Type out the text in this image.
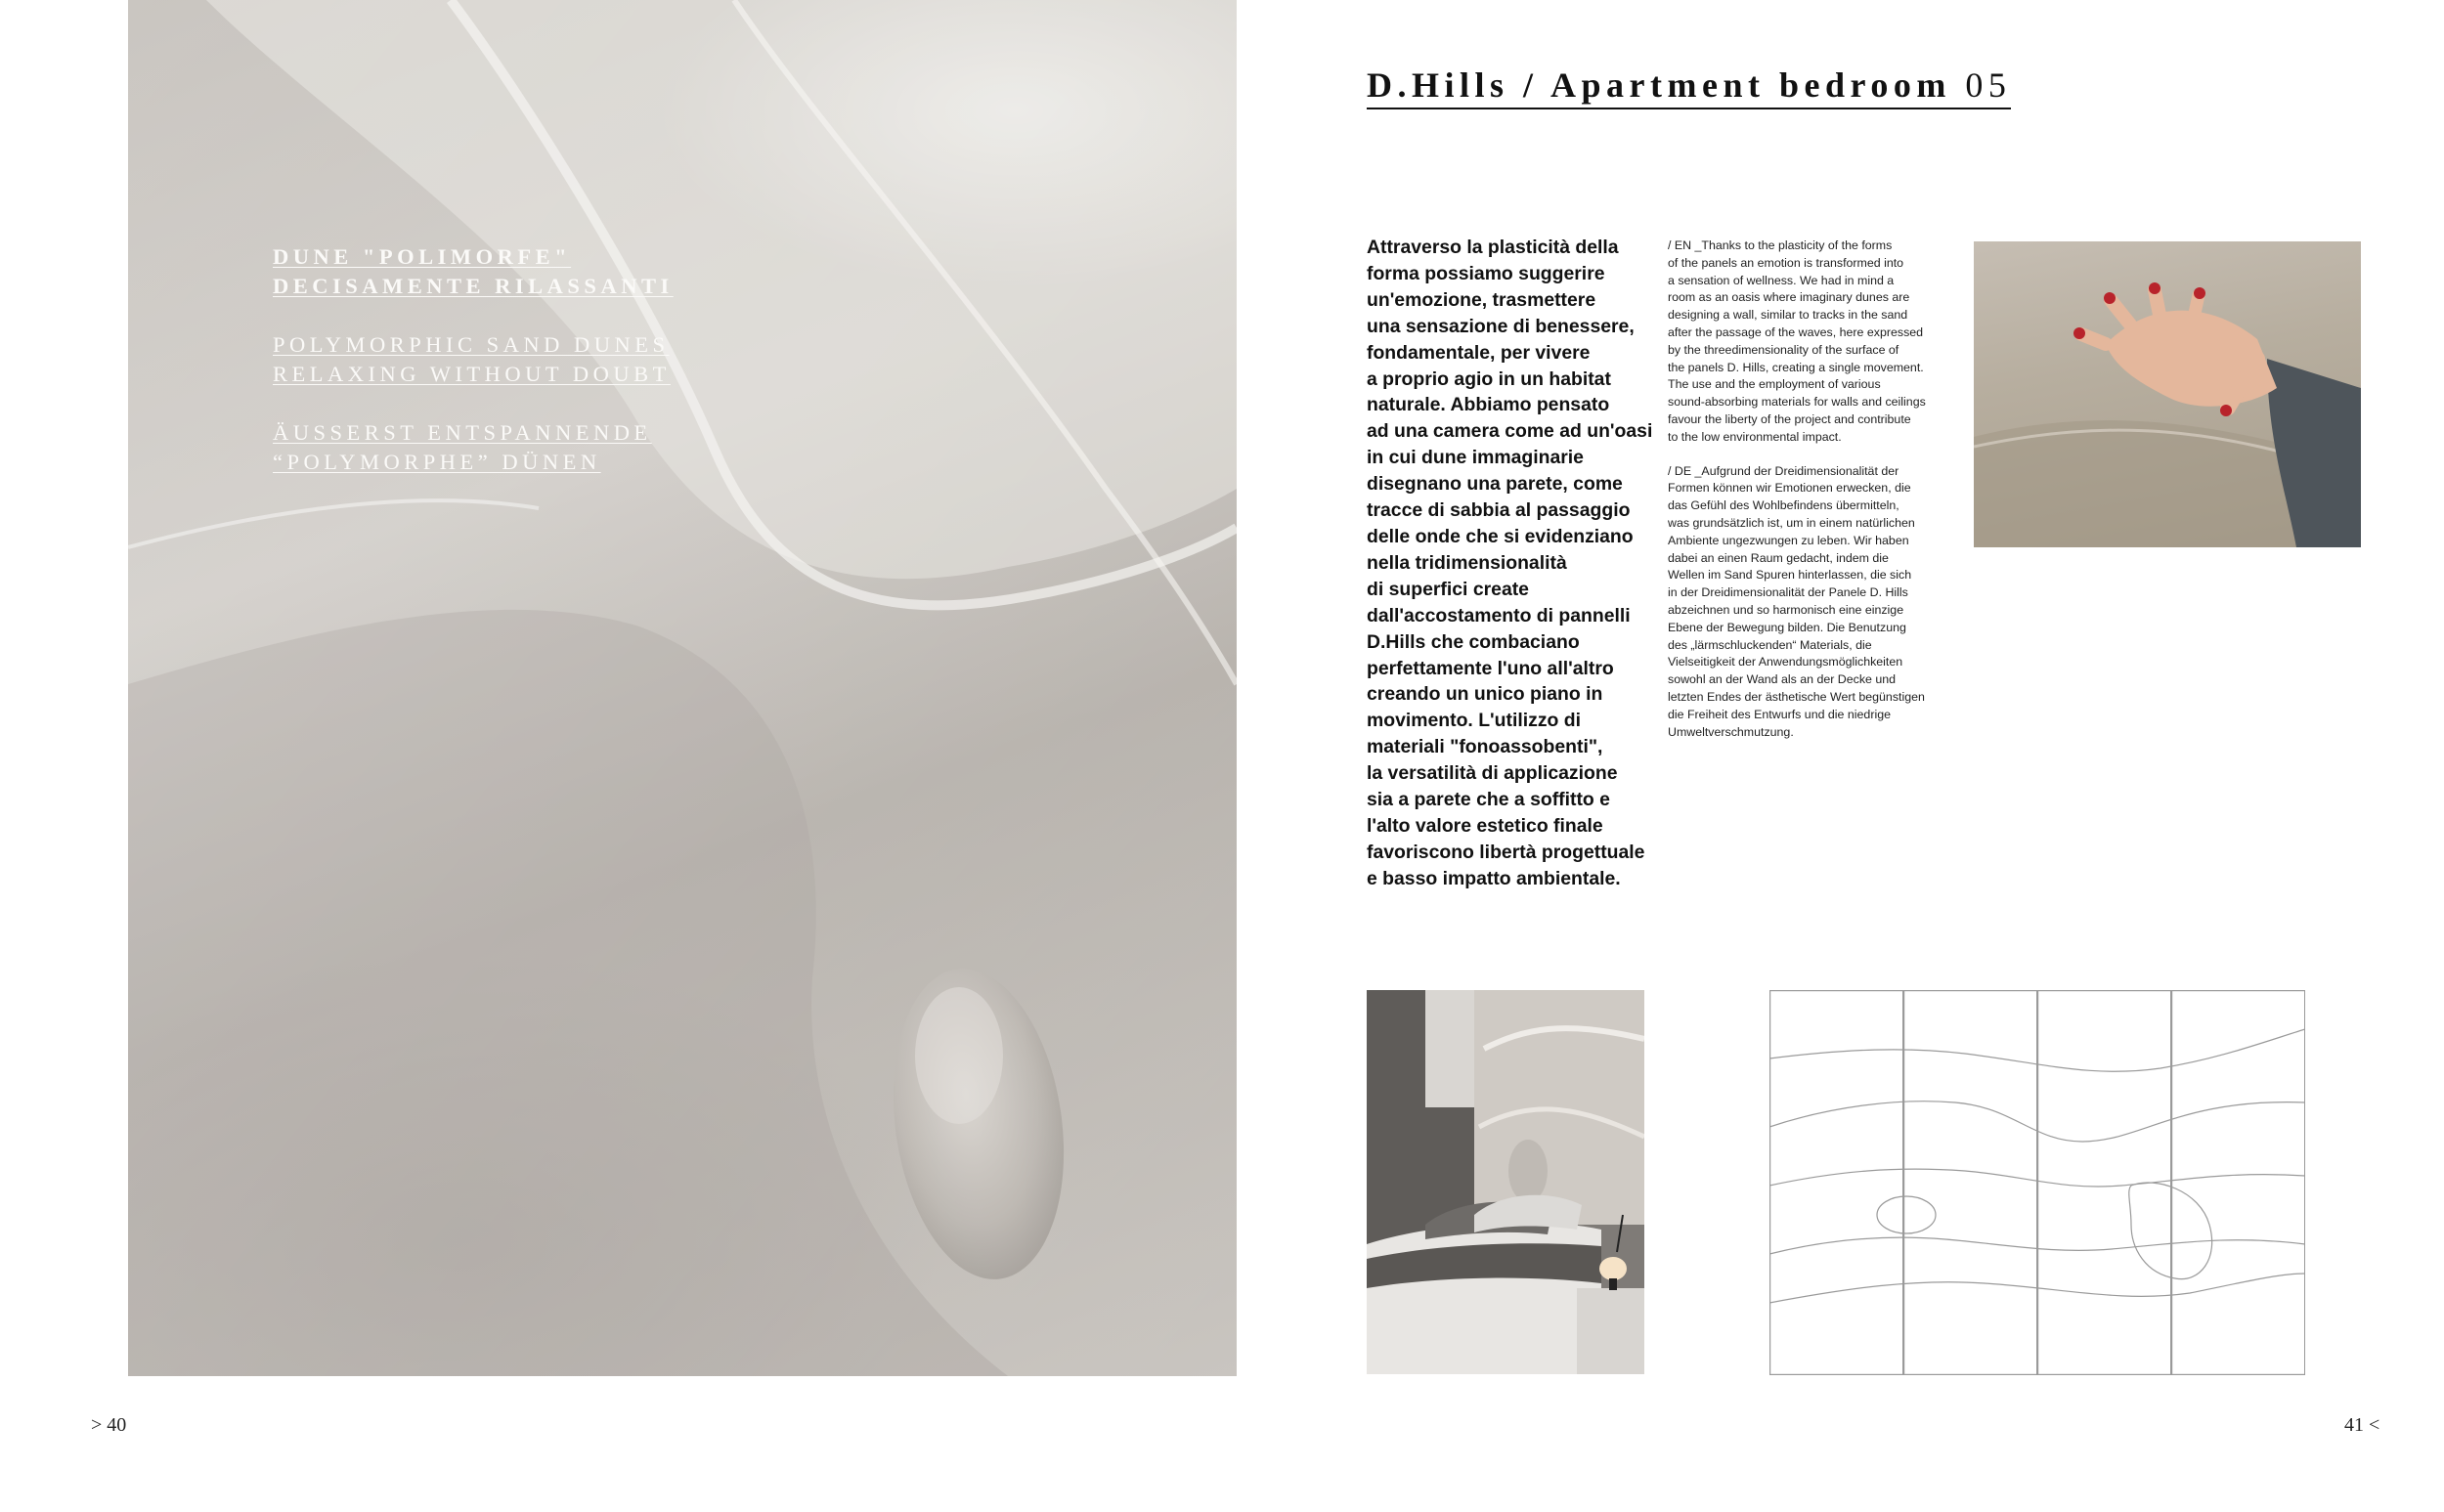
DUNE "POLIMORFE"
DECISAMENTE RILASSANTI
POLYMORPHIC SAND DUNES
RELAXING WITHOUT DOUBT
ÄUSSERST ENTSPANNENDE
“POLYMORPHE” DÜNEN
D.Hills / Apartment bedroom 05
Attraverso la plasticità della
forma possiamo suggerire
un'emozione, trasmettere
una sensazione di benessere,
fondamentale, per vivere
a proprio agio in un habitat
naturale. Abbiamo pensato
ad una camera come ad un'oasi
in cui dune immaginarie
disegnano una parete, come
tracce di sabbia al passaggio
delle onde che si evidenziano
nella tridimensionalità
di superfici create
dall'accostamento di pannelli
D.Hills che combaciano
perfettamente l'uno all'altro
creando un unico piano in
movimento. L'utilizzo di
materiali "fonoassobenti",
la versatilità di applicazione
sia a parete che a soffitto e
l'alto valore estetico finale
favoriscono libertà progettuale
e basso impatto ambientale.
/ EN _Thanks to the plasticity of the forms
of the panels an emotion is transformed into
a sensation of wellness. We had in mind a
room as an oasis where imaginary dunes are
designing a wall, similar to tracks in the sand
after the passage of the waves, here expressed
by the threedimensionality of the surface of
the panels D. Hills, creating a single movement.
The use and the employment of various
sound-absorbing materials for walls and ceilings
favour the liberty of the project and contribute
to the low environmental impact.
/ DE _Aufgrund der Dreidimensionalität der
Formen können wir Emotionen erwecken, die
das Gefühl des Wohlbefindens übermitteln,
was grundsätzlich ist, um in einem natürlichen
Ambiente ungezwungen zu leben. Wir haben
dabei an einen Raum gedacht, indem die
Wellen im Sand Spuren hinterlassen, die sich
in der Dreidimensionalität der Panele D. Hills
abzeichnen und so harmonisch eine einzige
Ebene der Bewegung bilden. Die Benutzung
des „lärmschluckenden“ Materials, die
Vielseitigkeit der Anwendungsmöglichkeiten
sowohl an der Wand als an der Decke und
letzten Endes der ästhetische Wert begünstigen
die Freiheit des Entwurfs und die niedrige
Umweltverschmutzung.
> 40	41 <
